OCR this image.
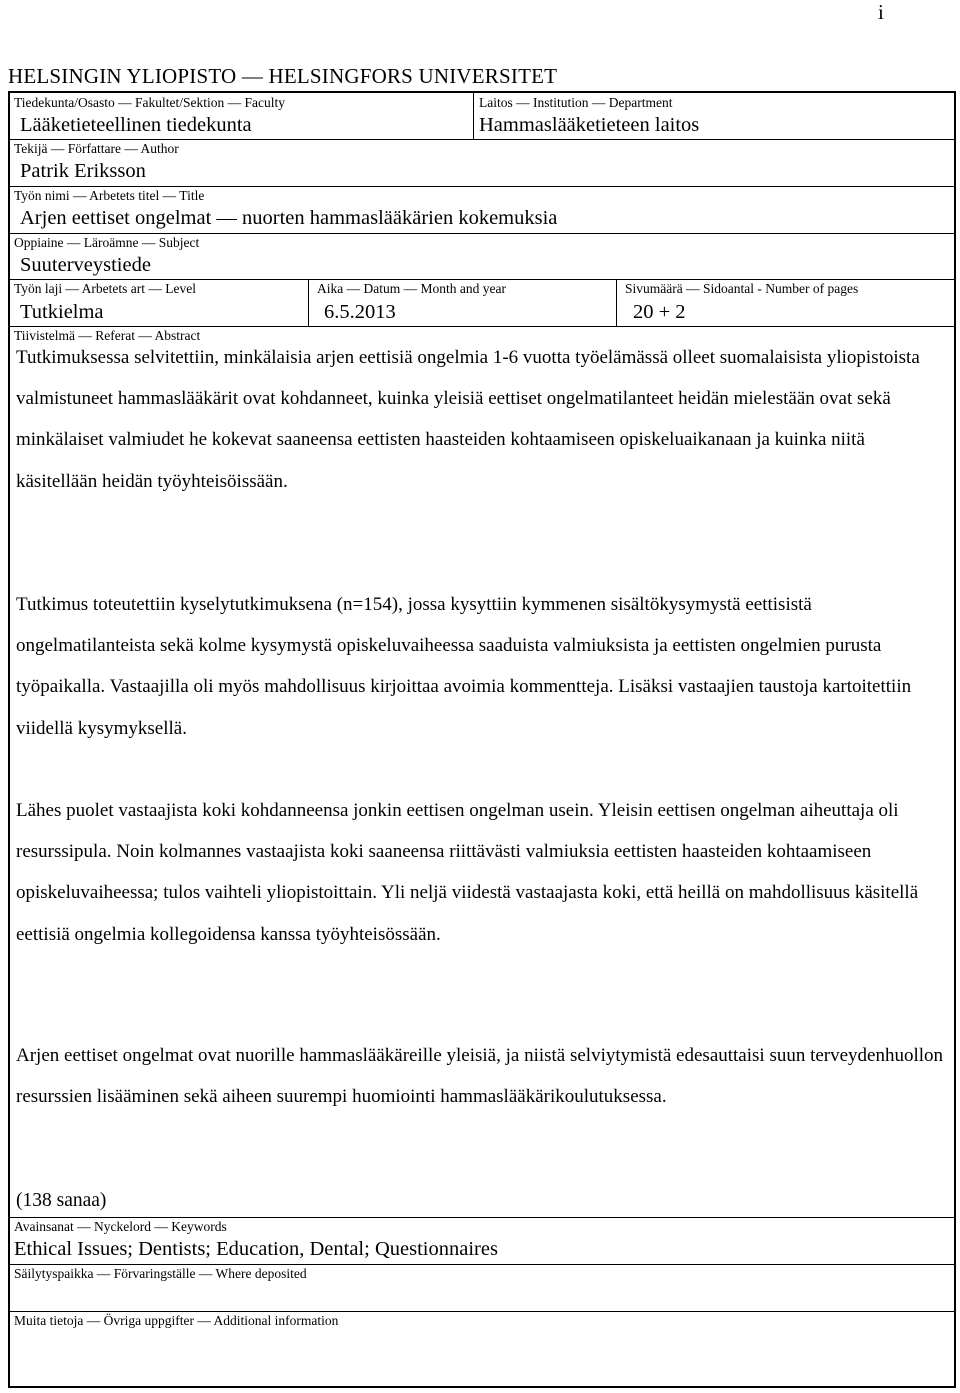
i
HELSINGIN YLIOPISTO — HELSINGFORS UNIVERSITET
Tiedekunta/Osasto — Fakultet/Sektion — Faculty
Lääketieteellinen tiedekunta
Laitos — Institution — Department
Hammaslääketieteen laitos
Tekijä — Författare — Author
Patrik Eriksson
Työn nimi — Arbetets titel — Title
Arjen eettiset ongelmat — nuorten hammaslääkärien kokemuksia
Oppiaine — Läroämne — Subject
Suuterveystiede
Työn laji — Arbetets art — Level
Tutkielma
Aika — Datum — Month and year
6.5.2013
Sivumäärä — Sidoantal - Number of pages
20 + 2
Tiivistelmä — Referat — Abstract

Tutkimuksessa selvitettiin, minkälaisia arjen eettisiä ongelmia 1-6 vuotta työelämässä olleet suomalaisista yliopistoista valmistuneet hammaslääkärit ovat kohdanneet, kuinka yleisiä eettiset ongelmatilanteet heidän mielestään ovat sekä minkälaiset valmiudet he kokevat saaneensa eettisten haasteiden kohtaamiseen opiskeluaikanaan ja kuinka niitä käsitellään heidän työyhteisöissään.

Tutkimus toteutettiin kyselytutkimuksena (n=154), jossa kysyttiin kymmenen sisältökysymystä eettisistä ongelmatilanteista sekä kolme kysymystä opiskeluvaiheessa saaduista valmiuksista ja eettisten ongelmien purusta työpaikalla. Vastaajilla oli myös mahdollisuus kirjoittaa avoimia kommentteja. Lisäksi vastaajien taustoja kartoitettiin viidellä kysymyksellä.

Lähes puolet vastaajista koki kohdanneensa jonkin eettisen ongelman usein. Yleisin eettisen ongelman aiheuttaja oli resurssipula. Noin kolmannes vastaajista koki saaneensa riittävästi valmiuksia eettisten haasteiden kohtaamiseen opiskeluvaiheessa; tulos vaihteli yliopistoittain. Yli neljä viidestä vastaajasta koki, että heillä on mahdollisuus käsitellä eettisiä ongelmia kollegoidensa kanssa työyhteisössään.

Arjen eettiset ongelmat ovat nuorille hammaslääkäreille yleisiä, ja niistä selviytymistä edesauttaisi suun terveydenhuollon resurssien lisääminen sekä aiheen suurempi huomiointi hammaslääkärikoulutuksessa.

(138 sanaa)
Avainsanat — Nyckelord — Keywords
Ethical Issues; Dentists; Education, Dental; Questionnaires
Säilytyspaikka — Förvaringställe — Where deposited
Muita tietoja — Övriga uppgifter — Additional information
